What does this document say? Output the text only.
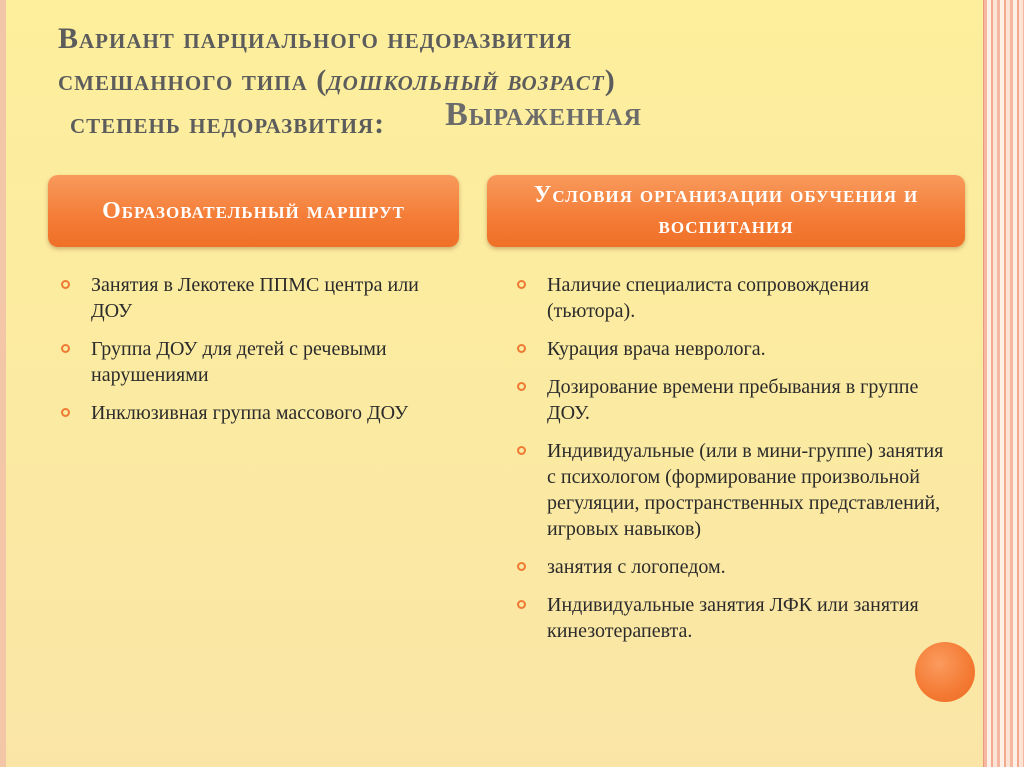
Вариант парциального недоразвития
смешанного типа (дошкольный возраст)
степень недоразвития: Выраженная
Образовательный маршрут
Условия организации обучения и воспитания
Занятия в Лекотеке ППМС центра или ДОУ
Группа ДОУ для детей с речевыми нарушениями
Инклюзивная группа массового ДОУ
Наличие специалиста сопровождения (тьютора).
Курация врача невролога.
Дозирование времени пребывания в группе ДОУ.
Индивидуальные (или в мини-группе) занятия с психологом (формирование произвольной регуляции, пространственных представлений, игровых навыков)
занятия с логопедом.
Индивидуальные занятия ЛФК или занятия кинезотерапевта.
